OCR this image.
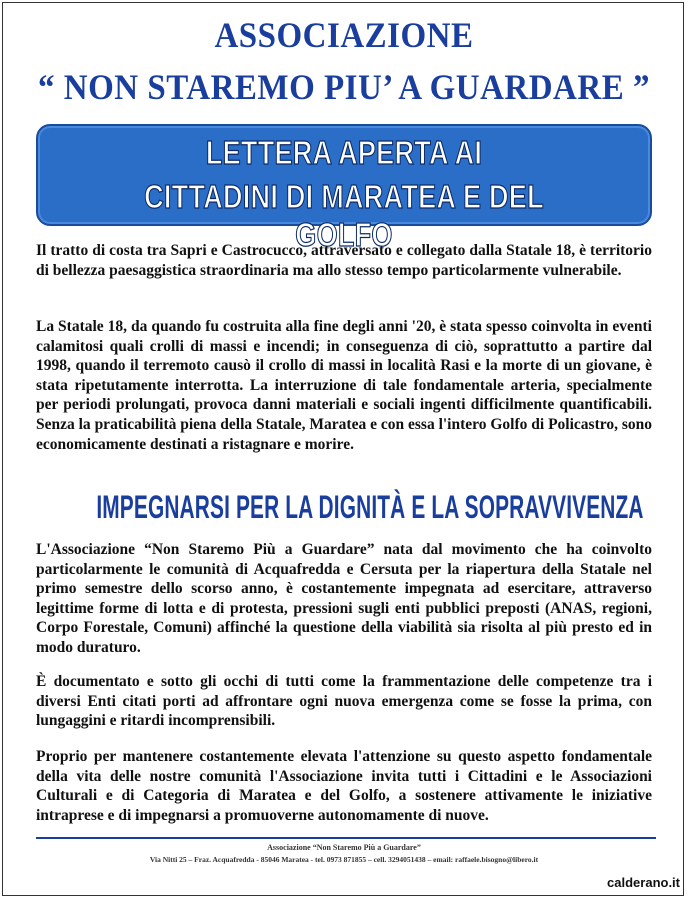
ASSOCIAZIONE
“ NON STAREMO PIU’ A GUARDARE ”
LETTERA APERTA AI
CITTADINI DI MARATEA E DEL GOLFO

Il tratto di costa tra Sapri e Castrocucco, attraversato e collegato dalla Statale 18, è territorio di bellezza paesaggistica straordinaria ma allo stesso tempo particolarmente vulnerabile.

La Statale 18, da quando fu costruita alla fine degli anni '20, è stata spesso coinvolta in eventi calamitosi quali crolli di massi e incendi; in conseguenza di ciò, soprattutto a partire dal 1998, quando il terremoto causò il crollo di massi in località Rasi e la morte di un giovane, è stata ripetutamente interrotta. La interruzione di tale fondamentale arteria, specialmente per periodi prolungati, provoca danni materiali e sociali ingenti difficilmente quantificabili. Senza la praticabilità piena della Statale, Maratea e con essa l'intero Golfo di Policastro, sono economicamente destinati a ristagnare e morire.

IMPEGNARSI PER LA DIGNITÀ E LA SOPRAVVIVENZA

L'Associazione “Non Staremo Più a Guardare” nata dal movimento che ha coinvolto particolarmente le comunità di Acquafredda e Cersuta per la riapertura della Statale nel primo semestre dello scorso anno, è costantemente impegnata ad esercitare, attraverso legittime forme di lotta e di protesta, pressioni sugli enti pubblici preposti (ANAS, regioni, Corpo Forestale, Comuni) affinché la questione della viabilità sia risolta al più presto ed in modo duraturo.

È documentato e sotto gli occhi di tutti come la frammentazione delle competenze tra i diversi Enti citati porti ad affrontare ogni nuova emergenza come se fosse la prima, con lungaggini e ritardi incomprensibili.

Proprio per mantenere costantemente elevata l'attenzione su questo aspetto fondamentale della vita delle nostre comunità l'Associazione invita tutti i Cittadini e le Associazioni Culturali e di Categoria di Maratea e del Golfo, a sostenere attivamente le iniziative intraprese e di impegnarsi a promuoverne autonomamente di nuove.

Associazione “Non Staremo Più a Guardare”
Via Nitti 25 – Fraz. Acquafredda - 85046 Maratea - tel. 0973 871855 – cell. 3294051438 – email: raffaele.bisogno@libero.it
calderano.it
